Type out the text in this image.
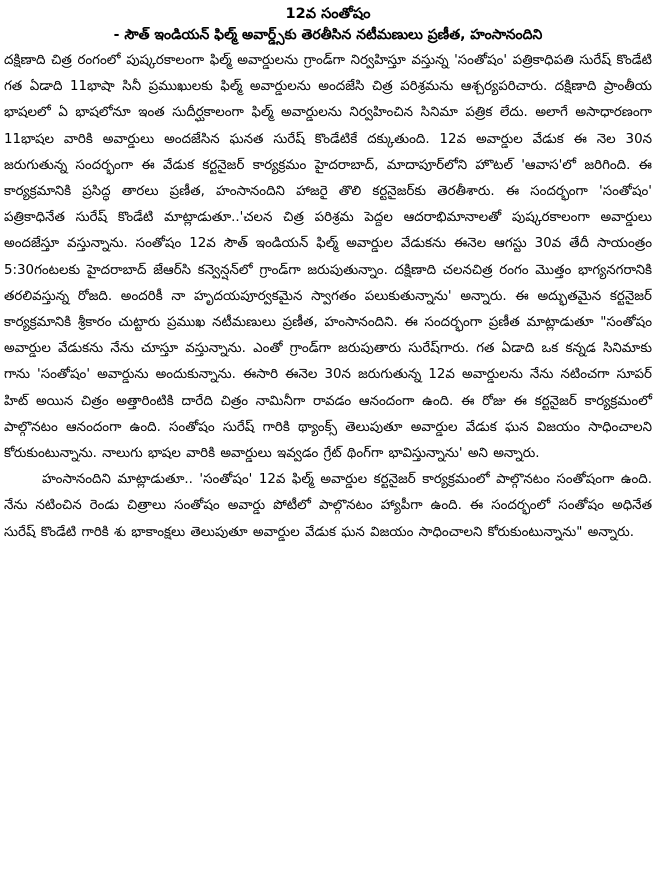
12వ సంతోషం
- సౌత్ ఇండియన్ ఫిల్మ్ అవార్డ్స్‌కు తెరతీసిన నటీమణులు ప్రణీత, హంసానందిని

దక్షిణాది చిత్ర రంగంలో పుష్కరకాలంగా ఫిల్మ్ అవార్డులను గ్రాండ్‌గా నిర్వహిస్తూ వస్తున్న 'సంతోషం' పత్రికాధిపతి సురేష్ కొండేటి గత ఏడాది 11భాషా సినీ ప్రముఖులకు ఫిల్మ్ అవార్డులను అందజేసి చిత్ర పరిశ్రమను ఆశ్చర్యపరిచారు. దక్షిణాది ప్రాంతీయ భాషలలో ఏ భాషలోనూ ఇంత సుదీర్ఘకాలంగా ఫిల్మ్ అవార్డులను నిర్వహించిన సినిమా పత్రిక లేదు. అలాగే అసాధారణంగా 11భాషల వారికి అవార్డులు అందజేసిన ఘనత సురేష్ కొండేటికే దక్కుతుంది. 12వ అవార్డుల వేడుక ఈ నెల 30న జరుగుతున్న సందర్భంగా ఈ వేడుక కర్టనైజర్ కార్యక్రమం హైదరాబాద్, మాదాపూర్‌లోని హొటల్ 'ఆవాస'లో జరిగింది. ఈ కార్యక్రమానికి ప్రసిద్ధ తారలు ప్రణీత, హంసానందిని హాజరై తొలి కర్టనైజర్‌కు తెరతీశారు. ఈ సందర్భంగా 'సంతోషం' పత్రికాధినేత సురేష్ కొండేటి మాట్లాడుతూ..'చలన చిత్ర పరిశ్రమ పెద్దల ఆదరాభిమానాలతో పుష్కరకాలంగా అవార్డులు అందజేస్తూ వస్తున్నాను. సంతోషం 12వ సౌత్ ఇండియన్ ఫిల్మ్ అవార్డుల వేడుకను ఈనెల ఆగస్టు 30వ తేదీ సాయంత్రం 5:30గంటలకు హైదరాబాద్ జేఆర్‌సి కన్వెన్షన్‌లో గ్రాండ్‌గా జరుపుతున్నాం. దక్షిణాది చలనచిత్ర రంగం మొత్తం భాగ్యనగరానికి తరలివస్తున్న రోజది. అందరికీ నా హృదయపూర్వకమైన స్వాగతం పలుకుతున్నాను' అన్నారు. ఈ అద్భుతమైన కర్టనైజర్ కార్యక్రమానికి శ్రీకారం చుట్టారు ప్రముఖ నటీమణులు ప్రణీత, హంసానందిని. ఈ సందర్భంగా ప్రణీత మాట్లాడుతూ "సంతోషం అవార్డుల వేడుకను నేను చూస్తూ వస్తున్నాను. ఎంతో గ్రాండ్‌గా జరుపుతారు సురేష్‌గారు. గత ఏడాది ఒక కన్నడ సినిమాకు గాను 'సంతోషం' అవార్డును అందుకున్నాను. ఈసారి ఈనెల 30న జరుగుతున్న 12వ అవార్డులను నేను నటించగా సూపర్ హిట్ అయిన చిత్రం అత్తారింటికి దారేది చిత్రం నామినీగా రావడం ఆనందంగా ఉంది. ఈ రోజు ఈ కర్టనైజర్ కార్యక్రమంలో పాల్గొనటం ఆనందంగా ఉంది. సంతోషం సురేష్ గారికి థ్యాంక్స్ తెలుపుతూ అవార్డుల వేడుక ఘన విజయం సాధించాలని కోరుకుంటున్నాను. నాలుగు భాషల వారికి అవార్డులు ఇవ్వడం గ్రేట్ థింగ్‌గా భావిస్తున్నాను' అని అన్నారు.

హంసానందిని మాట్లాడుతూ.. 'సంతోషం' 12వ ఫిల్మ్ అవార్డుల కర్టనైజర్ కార్యక్రమంలో పాల్గొనటం సంతోషంగా ఉంది. నేను నటించిన రెండు చిత్రాలు సంతోషం అవార్డు పోటీలో పాల్గొనటం హ్యాపీగా ఉంది. ఈ సందర్భంలో సంతోషం అధినేత సురేష్ కొండేటి గారికి శు భాకాంక్షలు తెలుపుతూ అవార్డుల వేడుక ఘన విజయం సాధించాలని కోరుకుంటున్నాను" అన్నారు.
